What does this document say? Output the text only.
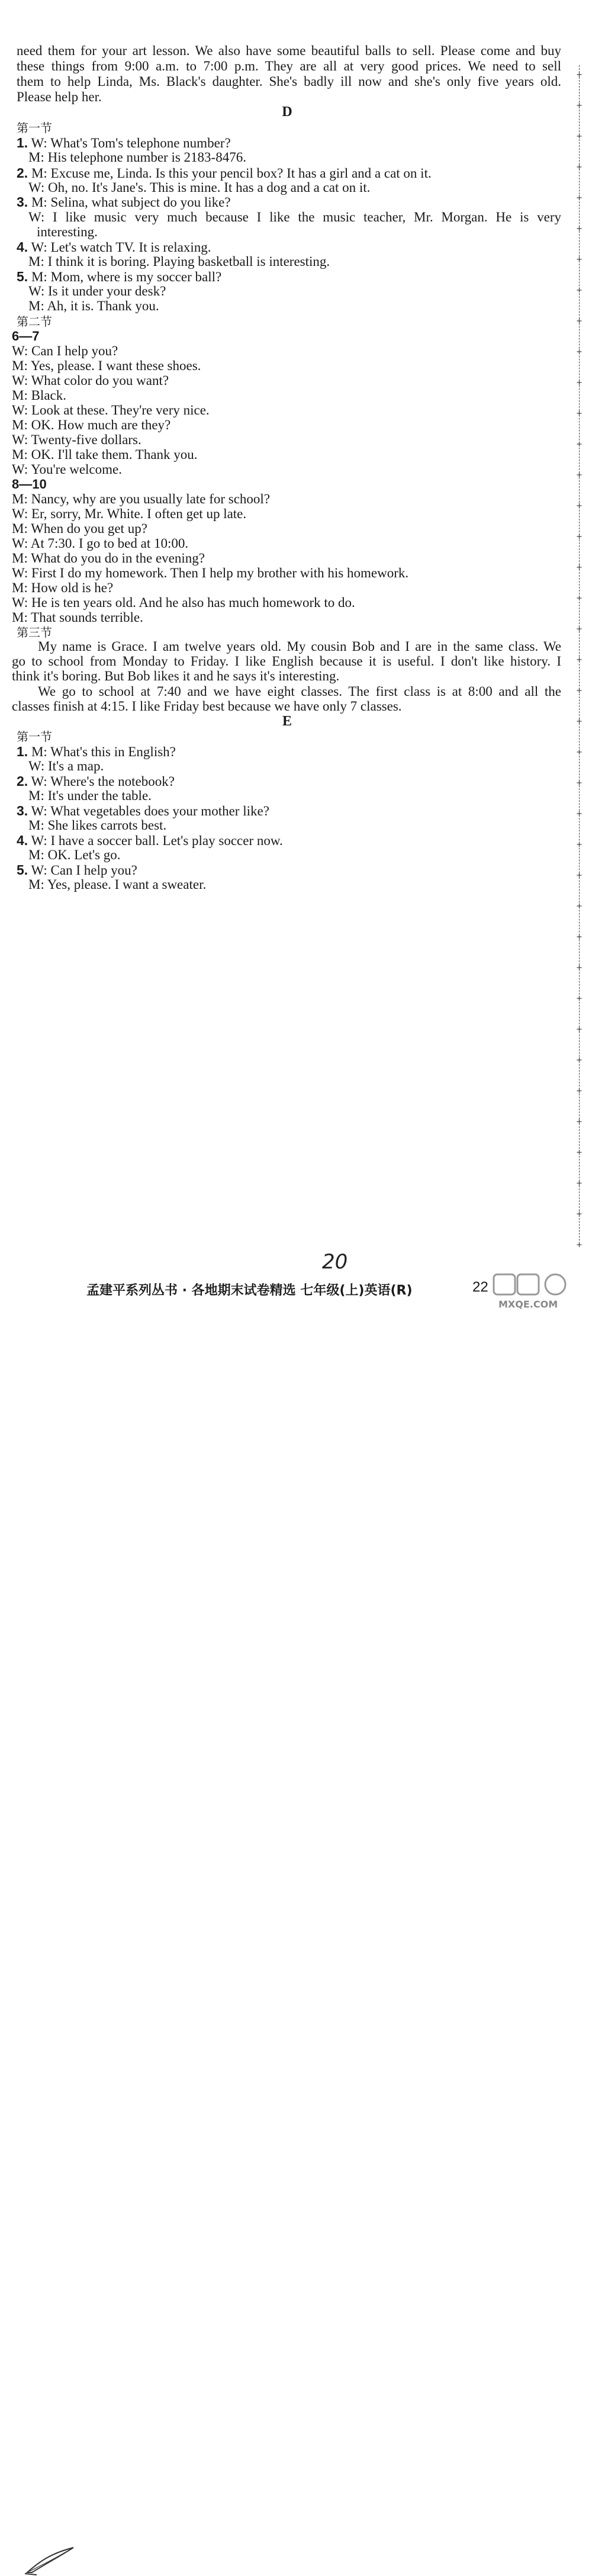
need them for your art lesson. We also have some beautiful balls to sell. Please come and buy
these things from 9:00 a.m. to 7:00 p.m. They are all at very good prices. We need to sell
them to help Linda, Ms. Black's daughter. She's badly ill now and she's only five years old.
Please help her.
D
第一节
1. W: What's Tom's telephone number?
M: His telephone number is 2183-8476.
2. M: Excuse me, Linda. Is this your pencil box? It has a girl and a cat on it.
W: Oh, no. It's Jane's. This is mine. It has a dog and a cat on it.
3. M: Selina, what subject do you like?
W: I like music very much because I like the music teacher, Mr. Morgan. He is very
interesting.
4. W: Let's watch TV. It is relaxing.
M: I think it is boring. Playing basketball is interesting.
5. M: Mom, where is my soccer ball?
W: Is it under your desk?
M: Ah, it is. Thank you.
第二节
6—7
W: Can I help you?
M: Yes, please. I want these shoes.
W: What color do you want?
M: Black.
W: Look at these. They're very nice.
M: OK. How much are they?
W: Twenty-five dollars.
M: OK. I'll take them. Thank you.
W: You're welcome.
8—10
M: Nancy, why are you usually late for school?
W: Er, sorry, Mr. White. I often get up late.
M: When do you get up?
W: At 7:30. I go to bed at 10:00.
M: What do you do in the evening?
W: First I do my homework. Then I help my brother with his homework.
M: How old is he?
W: He is ten years old. And he also has much homework to do.
M: That sounds terrible.
第三节
My name is Grace. I am twelve years old. My cousin Bob and I are in the same class. We
go to school from Monday to Friday. I like English because it is useful. I don't like history. I
think it's boring. But Bob likes it and he says it's interesting.
We go to school at 7:40 and we have eight classes. The first class is at 8:00 and all the
classes finish at 4:15. I like Friday best because we have only 7 classes.
E
第一节
1. M: What's this in English?
W: It's a map.
2. W: Where's the notebook?
M: It's under the table.
3. W: What vegetables does your mother like?
M: She likes carrots best.
4. W: I have a soccer ball. Let's play soccer now.
M: OK. Let's go.
5. W: Can I help you?
M: Yes, please. I want a sweater.
+
+
+
+
+
+
+
+
+
+
+
+
+
+
+
+
+
+
+
+
+
+
+
+
+
+
+
+
+
+
+
+
+
+
+
+
+
+
+
20
孟建平系列丛书 · 各地期末试卷精选 七年级(上)英语(R)	22
MXQE.COM
